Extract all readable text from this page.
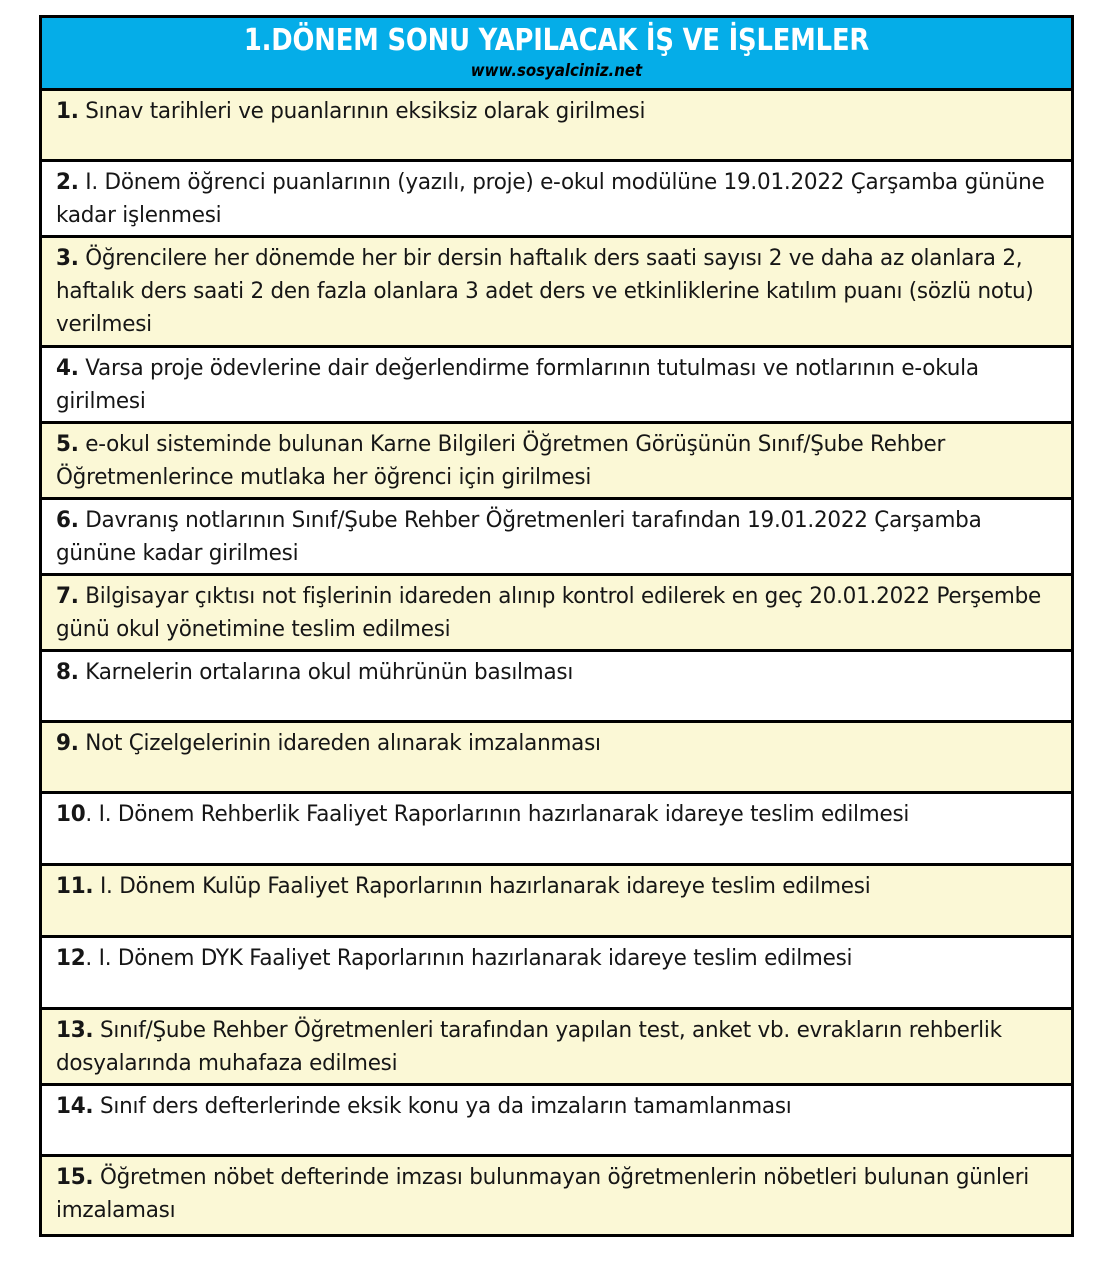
1.DÖNEM SONU YAPILACAK İŞ VE İŞLEMLER
www.sosyalciniz.net
1. Sınav tarihleri ve puanlarının eksiksiz olarak girilmesi
2. I. Dönem öğrenci puanlarının (yazılı, proje) e-okul modülüne 19.01.2022 Çarşamba gününe kadar işlenmesi
3. Öğrencilere her dönemde her bir dersin haftalık ders saati sayısı 2 ve daha az olanlara 2, haftalık ders saati 2 den fazla olanlara 3 adet ders ve etkinliklerine katılım puanı (sözlü notu) verilmesi
4. Varsa proje ödevlerine dair değerlendirme formlarının tutulması ve notlarının e-okula girilmesi
5. e-okul sisteminde bulunan Karne Bilgileri Öğretmen Görüşünün Sınıf/Şube Rehber Öğretmenlerince mutlaka her öğrenci için girilmesi
6. Davranış notlarının Sınıf/Şube Rehber Öğretmenleri tarafından 19.01.2022 Çarşamba gününe kadar girilmesi
7. Bilgisayar çıktısı not fişlerinin idareden alınıp kontrol edilerek en geç 20.01.2022 Perşembe günü okul yönetimine teslim edilmesi
8. Karnelerin ortalarına okul mührünün basılması
9. Not Çizelgelerinin idareden alınarak imzalanması
10. I. Dönem Rehberlik Faaliyet Raporlarının hazırlanarak idareye teslim edilmesi
11. I. Dönem Kulüp Faaliyet Raporlarının hazırlanarak idareye teslim edilmesi
12. I. Dönem DYK Faaliyet Raporlarının hazırlanarak idareye teslim edilmesi
13. Sınıf/Şube Rehber Öğretmenleri tarafından yapılan test, anket vb. evrakların rehberlik dosyalarında muhafaza edilmesi
14. Sınıf ders defterlerinde eksik konu ya da imzaların tamamlanması
15. Öğretmen nöbet defterinde imzası bulunmayan öğretmenlerin nöbetleri bulunan günleri imzalaması
